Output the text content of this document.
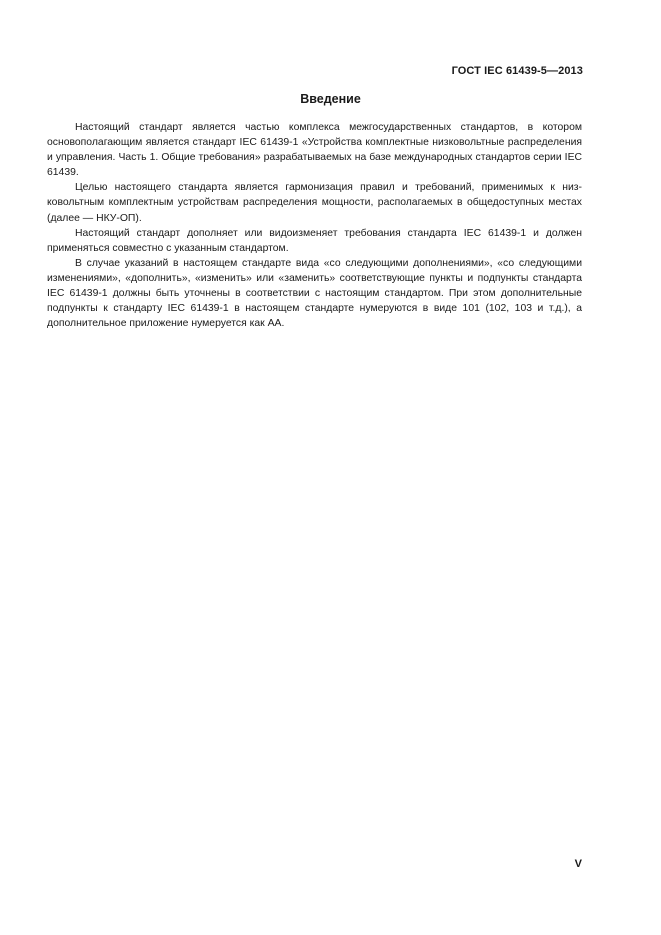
ГОСТ IEC 61439-5—2013
Введение

Настоящий стандарт является частью комплекса межгосударственных стандартов, в котором основополагающим является стандарт IEC 61439-1 «Устройства комплектные низковольтные распределения и управления. Часть 1. Общие требования» разрабатываемых на базе международных стандартов серии IEC 61439.

Целью настоящего стандарта является гармонизация правил и требований, применимых к низковольтным комплектным устройствам распределения мощности, располагаемых в общедоступных местах (далее — НКУ-ОП).

Настоящий стандарт дополняет или видоизменяет требования стандарта IEC 61439-1 и должен применяться совместно с указанным стандартом.

В случае указаний в настоящем стандарте вида «со следующими дополнениями», «со следующими изменениями», «дополнить», «изменить» или «заменить» соответствующие пункты и подпункты стандарта IEC 61439-1 должны быть уточнены в соответствии с настоящим стандартом. При этом дополнительные подпункты к стандарту IEC 61439-1 в настоящем стандарте нумеруются в виде 101 (102, 103 и т.д.), а дополнительное приложение нумеруется как АА.

V
